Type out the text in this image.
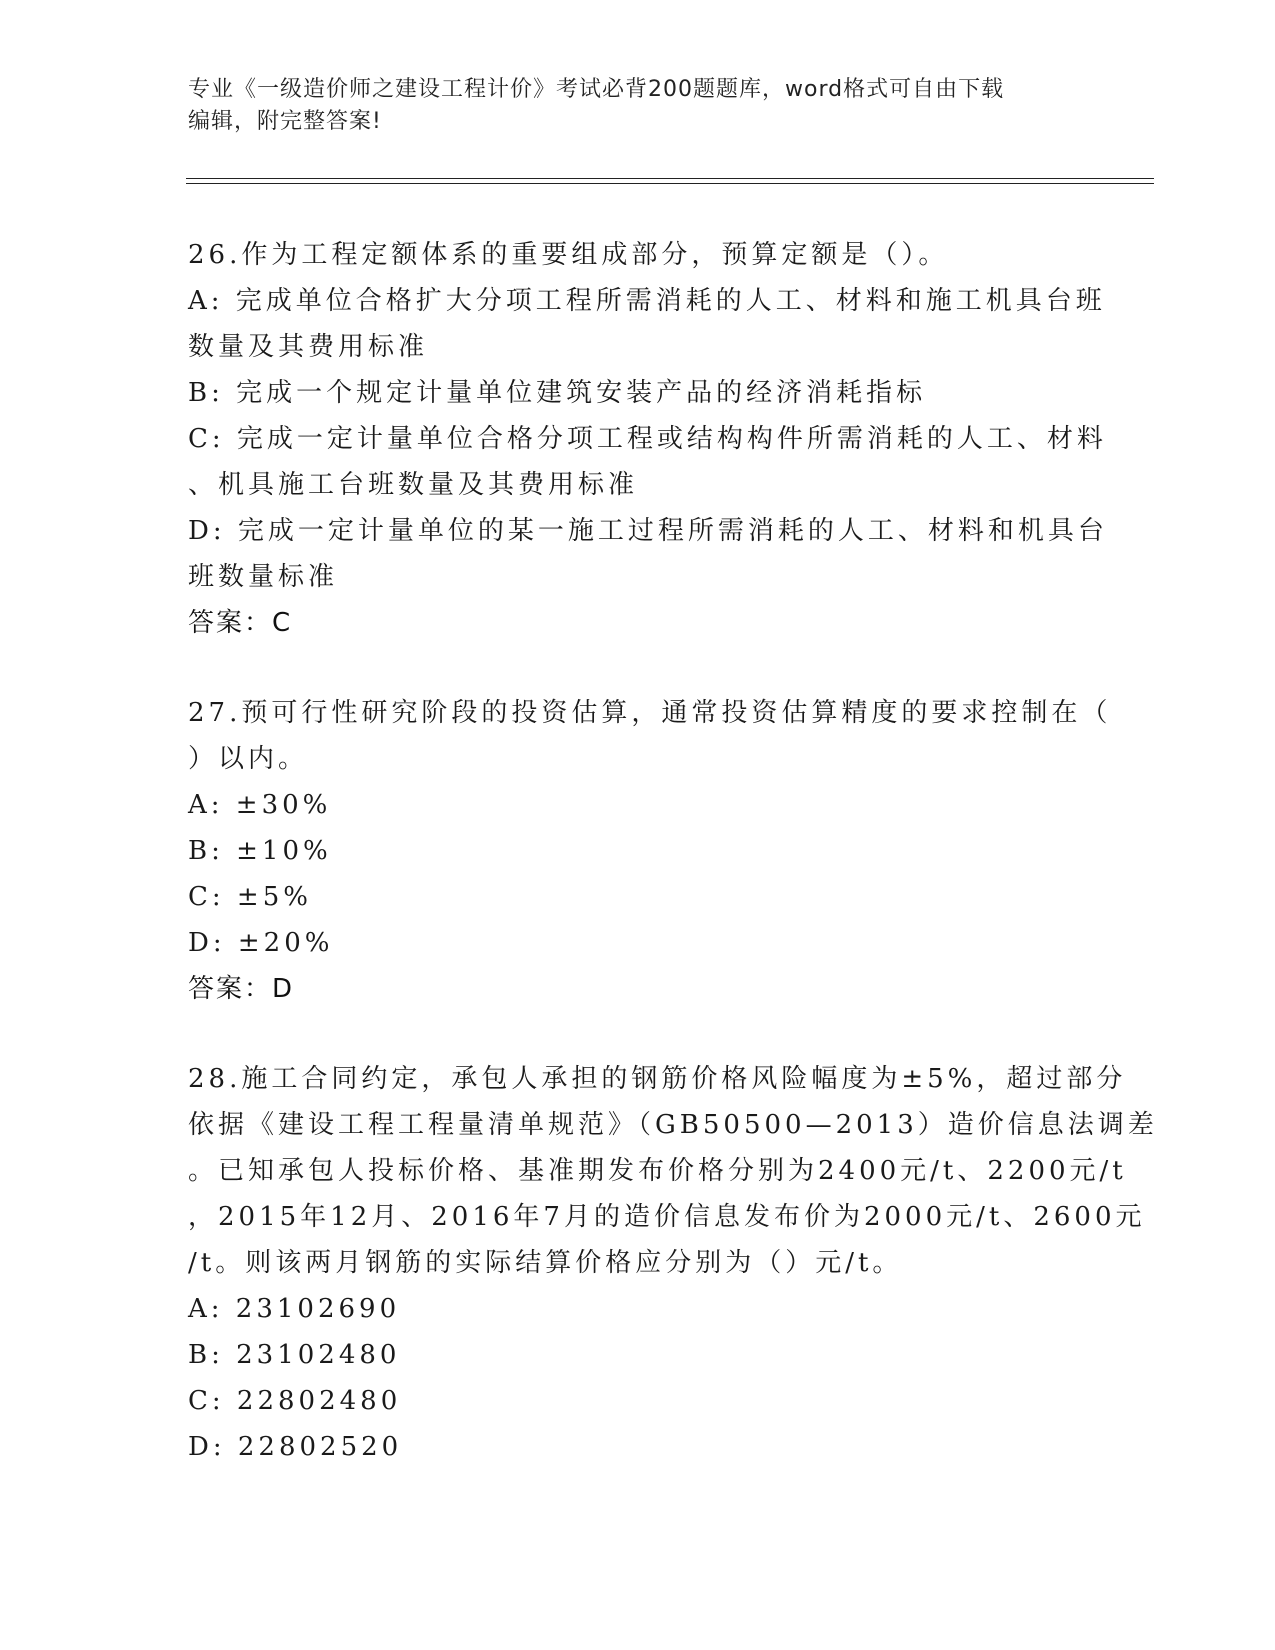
专业《一级造价师之建设工程计价》考试必背200题题库，word格式可自由下载
编辑，附完整答案!
26.作为工程定额体系的重要组成部分，预算定额是（）。
A: 完成单位合格扩大分项工程所需消耗的人工、材料和施工机具台班
数量及其费用标准
B: 完成一个规定计量单位建筑安装产品的经济消耗指标
C: 完成一定计量单位合格分项工程或结构构件所需消耗的人工、材料
、机具施工台班数量及其费用标准
D: 完成一定计量单位的某一施工过程所需消耗的人工、材料和机具台
班数量标准
答案：C
27.预可行性研究阶段的投资估算，通常投资估算精度的要求控制在（
）以内。
A: ±30%
B: ±10%
C: ±5%
D: ±20%
答案：D
28.施工合同约定，承包人承担的钢筋价格风险幅度为±5%，超过部分
依据《建设工程工程量清单规范》（GB50500—2013）造价信息法调差
。已知承包人投标价格、基准期发布价格分别为2400元/t、2200元/t
，2015年12月、2016年7月的造价信息发布价为2000元/t、2600元
/t。则该两月钢筋的实际结算价格应分别为（）元/t。
A: 23102690
B: 23102480
C: 22802480
D: 22802520
